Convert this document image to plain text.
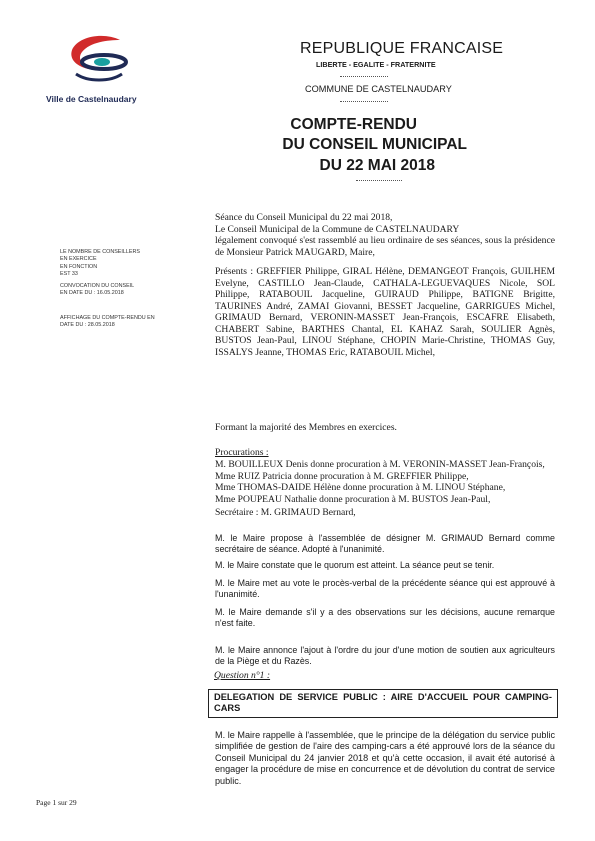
Ville de Castelnaudary
REPUBLIQUE FRANCAISE
LIBERTE - EGALITE - FRATERNITE
COMMUNE DE CASTELNAUDARY
COMPTE-RENDU
DU CONSEIL MUNICIPAL
DU 22 MAI 2018
LE NOMBRE DE CONSEILLERS
EN EXERCICE
EN FONCTION
EST 33
CONVOCATION DU CONSEIL
EN DATE DU : 16.05.2018
AFFICHAGE DU COMPTE-RENDU EN
DATE DU : 28.05.2018
Séance du Conseil Municipal du 22 mai 2018,
Le Conseil Municipal de la Commune de CASTELNAUDARY
légalement convoqué s'est rassemblé au lieu ordinaire de ses séances, sous la présidence de Monsieur Patrick MAUGARD, Maire,
Présents : GREFFIER Philippe, GIRAL Hélène, DEMANGEOT François, GUILHEM Evelyne, CASTILLO Jean-Claude, CATHALA-LEGUEVAQUES Nicole, SOL Philippe, RATABOUIL Jacqueline, GUIRAUD Philippe, BATIGNE Brigitte, TAURINES André, ZAMAI Giovanni, BESSET Jacqueline, GARRIGUES Michel, GRIMAUD Bernard, VERONIN-MASSET Jean-François, ESCAFRE Elisabeth, CHABERT Sabine, BARTHES Chantal, EL KAHAZ Sarah, SOULIER Agnès, BUSTOS Jean-Paul, LINOU Stéphane, CHOPIN Marie-Christine, THOMAS Guy, ISSALYS Jeanne, THOMAS Eric, RATABOUIL Michel,
Formant la majorité des Membres en exercices.
Procurations :
M. BOUILLEUX Denis donne procuration à M. VERONIN-MASSET Jean-François,
Mme RUIZ Patricia donne procuration à M. GREFFIER Philippe,
Mme THOMAS-DAIDE Hélène donne procuration à M. LINOU Stéphane,
Mme POUPEAU Nathalie donne procuration à M. BUSTOS Jean-Paul,
Secrétaire : M. GRIMAUD Bernard,
M. le Maire propose à l'assemblée de désigner M. GRIMAUD Bernard comme secrétaire de séance. Adopté à l'unanimité.
M. le Maire constate que le quorum est atteint. La séance peut se tenir.
M. le Maire met au vote le procès-verbal de la précédente séance qui est approuvé à l'unanimité.
M. le Maire demande s'il y a des observations sur les décisions, aucune remarque n'est faite.
M. le Maire annonce l'ajout à l'ordre du jour d'une motion de soutien aux agriculteurs de la Piège et du Razès.
Question n°1 :
DELEGATION DE SERVICE PUBLIC : AIRE D'ACCUEIL POUR CAMPING-CARS
M. le Maire rappelle à l'assemblée, que le principe de la délégation du service public simplifiée de gestion de l'aire des camping-cars a été approuvé lors de la séance du Conseil Municipal du 24 janvier 2018 et qu'à cette occasion, il avait été autorisé à engager la procédure de mise en concurrence et de dévolution du contrat de service public.
Page 1 sur 29
